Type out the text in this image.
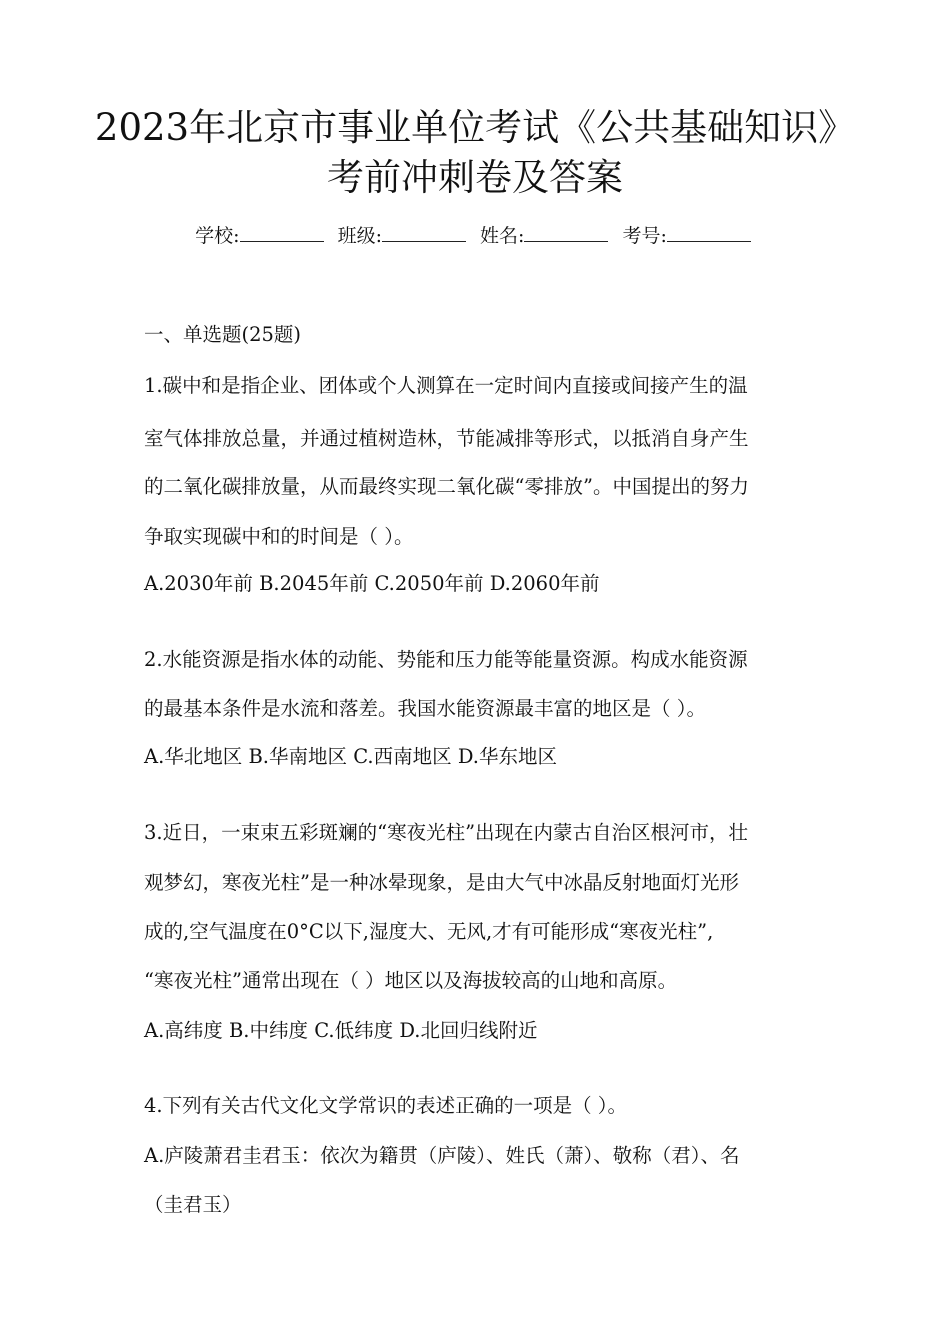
2023年北京市事业单位考试《公共基础知识》
考前冲刺卷及答案
学校:	班级:	姓名:	考号:
一、单选题(25题)
1.碳中和是指企业、团体或个人测算在一定时间内直接或间接产生的温
室气体排放总量，并通过植树造林，节能减排等形式，以抵消自身产生
的二氧化碳排放量，从而最终实现二氧化碳“零排放”。中国提出的努力
争取实现碳中和的时间是（ ）。
A.2030年前 B.2045年前 C.2050年前 D.2060年前
2.水能资源是指水体的动能、势能和压力能等能量资源。构成水能资源
的最基本条件是水流和落差。我国水能资源最丰富的地区是（ ）。
A.华北地区 B.华南地区 C.西南地区 D.华东地区
3.近日，一束束五彩斑斓的“寒夜光柱”出现在内蒙古自治区根河市，壮
观梦幻，寒夜光柱”是一种冰晕现象，是由大气中冰晶反射地面灯光形
成的,空气温度在0°C以下,湿度大、无风,才有可能形成“寒夜光柱”,
“寒夜光柱”通常出现在（ ）地区以及海拔较高的山地和高原。
A.高纬度 B.中纬度 C.低纬度 D.北回归线附近
4.下列有关古代文化文学常识的表述正确的一项是（ ）。
A.庐陵萧君圭君玉：依次为籍贯（庐陵）、姓氏（萧）、敬称（君）、名
（圭君玉）
